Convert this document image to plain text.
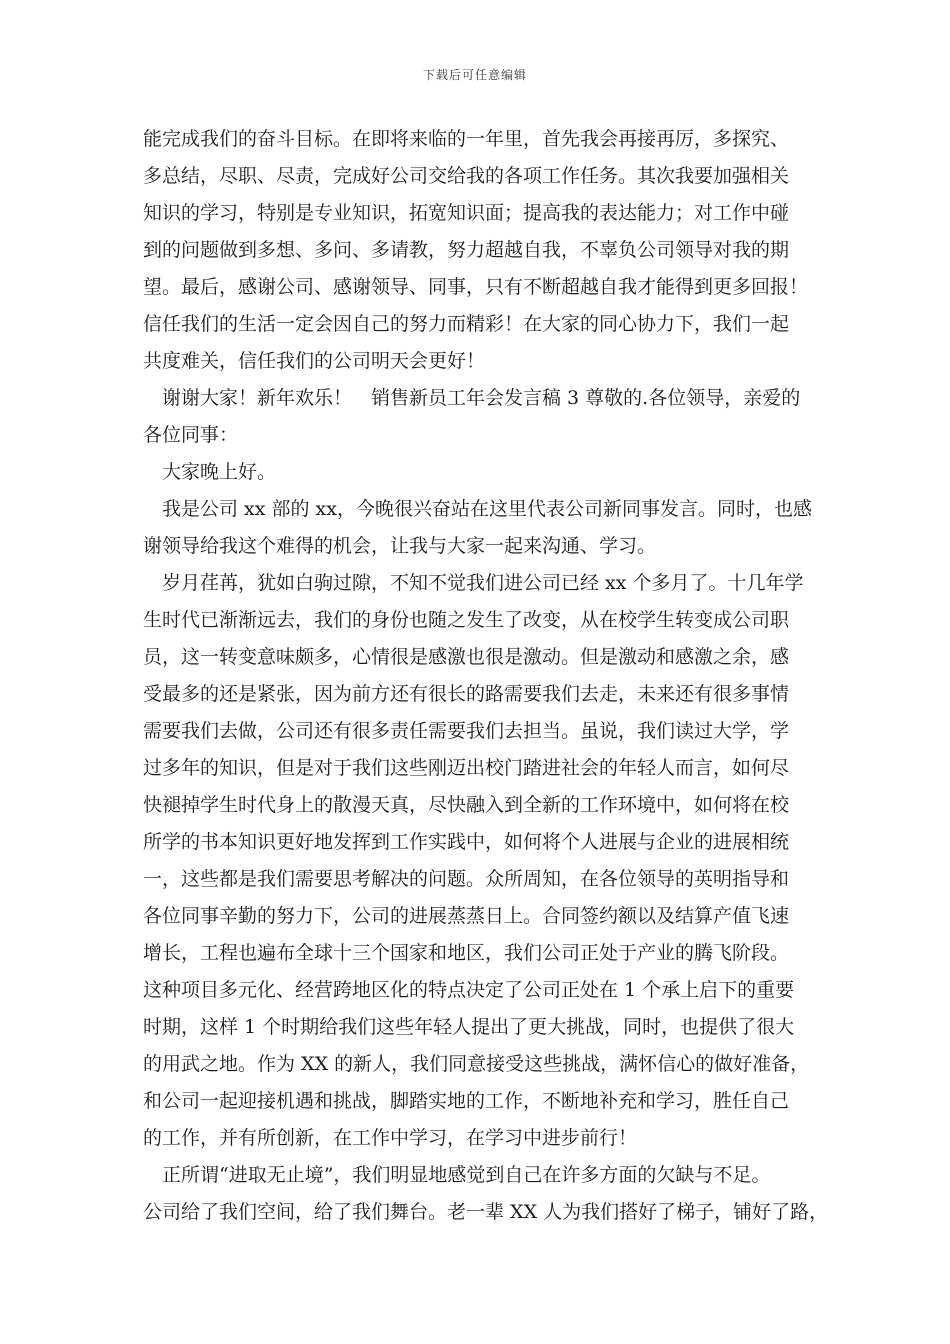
下载后可任意编辑
能完成我们的奋斗目标。在即将来临的一年里，首先我会再接再厉，多探究、
多总结，尽职、尽责，完成好公司交给我的各项工作任务。其次我要加强相关
知识的学习，特别是专业知识，拓宽知识面；提高我的表达能力；对工作中碰
到的问题做到多想、多问、多请教，努力超越自我，不辜负公司领导对我的期
望。最后，感谢公司、感谢领导、同事，只有不断超越自我才能得到更多回报！
信任我们的生活一定会因自己的努力而精彩！在大家的同心协力下，我们一起
共度难关，信任我们的公司明天会更好！
谢谢大家！新年欢乐！　销售新员工年会发言稿 3 尊敬的.各位领导，亲爱的
各位同事：
大家晚上好。
我是公司 xx 部的 xx，今晚很兴奋站在这里代表公司新同事发言。同时，也感
谢领导给我这个难得的机会，让我与大家一起来沟通、学习。
岁月荏苒，犹如白驹过隙，不知不觉我们进公司已经 xx 个多月了。十几年学
生时代已渐渐远去，我们的身份也随之发生了改变，从在校学生转变成公司职
员，这一转变意味颇多，心情很是感激也很是激动。但是激动和感激之余，感
受最多的还是紧张，因为前方还有很长的路需要我们去走，未来还有很多事情
需要我们去做，公司还有很多责任需要我们去担当。虽说，我们读过大学，学
过多年的知识，但是对于我们这些刚迈出校门踏进社会的年轻人而言，如何尽
快褪掉学生时代身上的散漫天真，尽快融入到全新的工作环境中，如何将在校
所学的书本知识更好地发挥到工作实践中，如何将个人进展与企业的进展相统
一，这些都是我们需要思考解决的问题。众所周知，在各位领导的英明指导和
各位同事辛勤的努力下，公司的进展蒸蒸日上。合同签约额以及结算产值飞速
增长，工程也遍布全球十三个国家和地区，我们公司正处于产业的腾飞阶段。
这种项目多元化、经营跨地区化的特点决定了公司正处在 1 个承上启下的重要
时期，这样 1 个时期给我们这些年轻人提出了更大挑战，同时，也提供了很大
的用武之地。作为 XX 的新人，我们同意接受这些挑战，满怀信心的做好准备，
和公司一起迎接机遇和挑战，脚踏实地的工作，不断地补充和学习，胜任自己
的工作，并有所创新，在工作中学习，在学习中进步前行！
正所谓“进取无止境”，我们明显地感觉到自己在许多方面的欠缺与不足。
公司给了我们空间，给了我们舞台。老一辈 XX 人为我们搭好了梯子，铺好了路，
